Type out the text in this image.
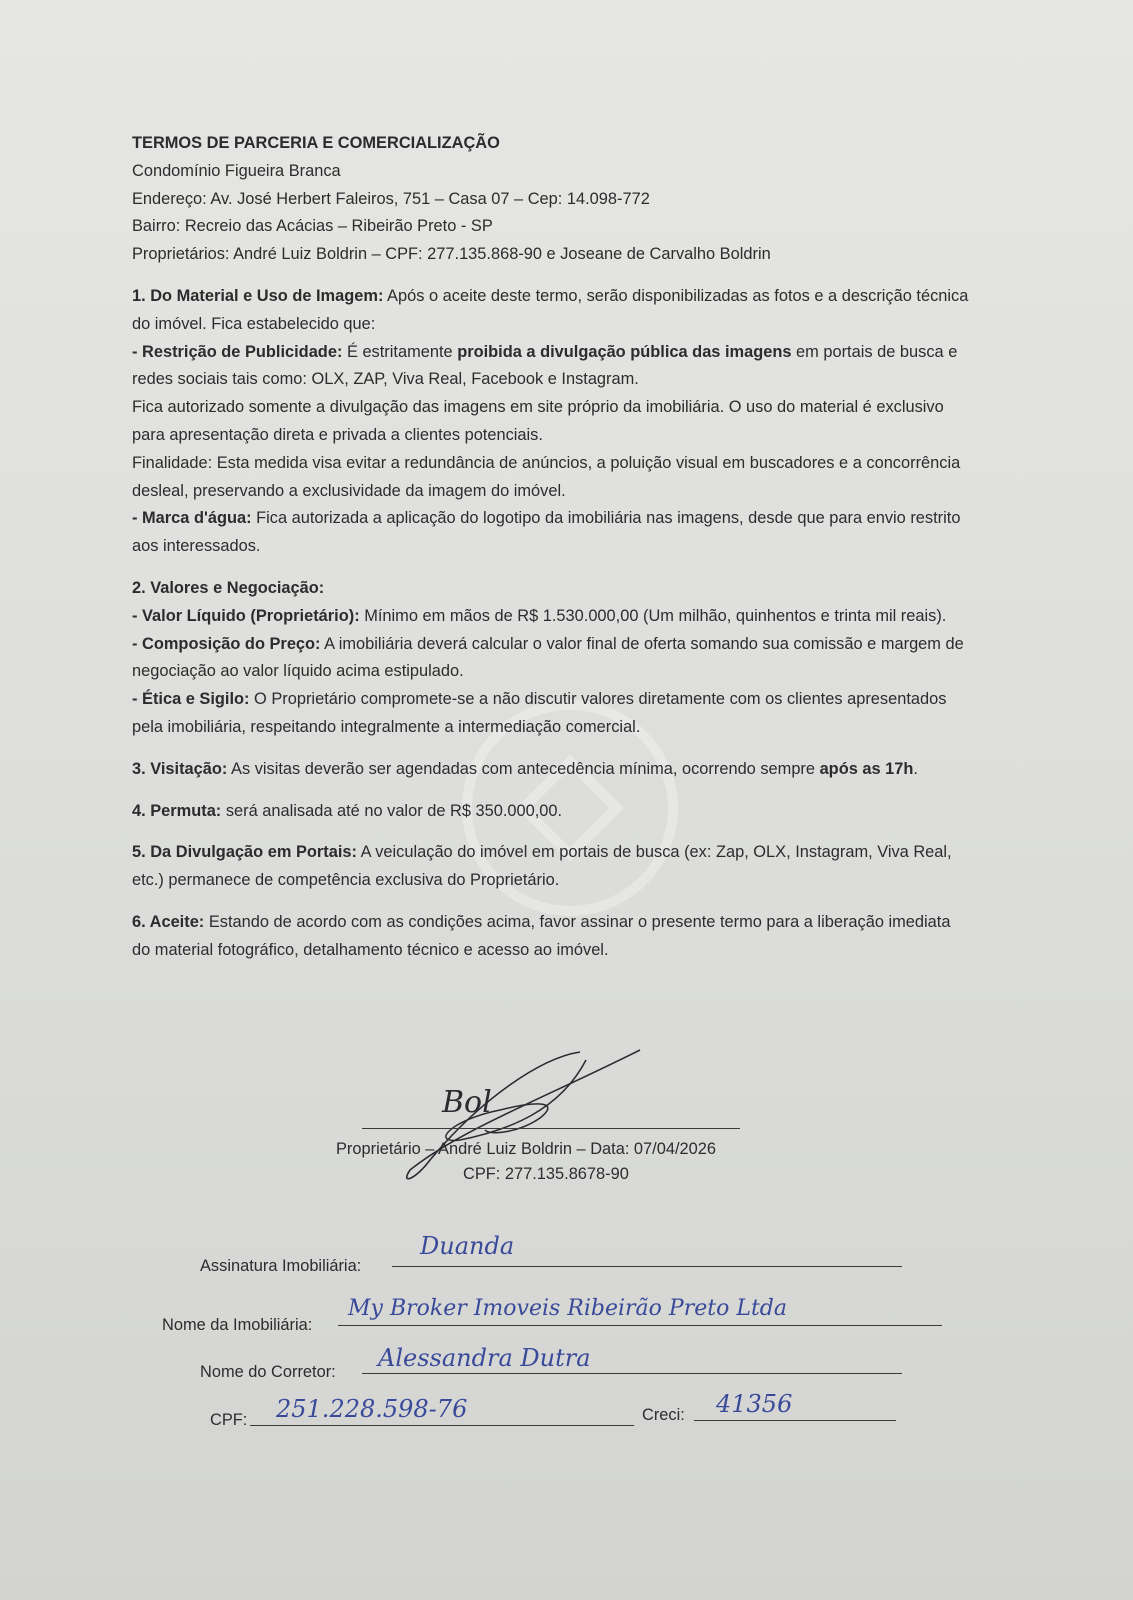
TERMOS DE PARCERIA E COMERCIALIZAÇÃO

Condomínio Figueira Branca

Endereço: Av. José Herbert Faleiros, 751 – Casa 07 – Cep: 14.098-772

Bairro: Recreio das Acácias – Ribeirão Preto - SP

Proprietários: André Luiz Boldrin – CPF: 277.135.868-90 e Joseane de Carvalho Boldrin

1. Do Material e Uso de Imagem: Após o aceite deste termo, serão disponibilizadas as fotos e a descrição técnica do imóvel. Fica estabelecido que:

- Restrição de Publicidade: É estritamente proibida a divulgação pública das imagens em portais de busca e redes sociais tais como: OLX, ZAP, Viva Real, Facebook e Instagram.

Fica autorizado somente a divulgação das imagens em site próprio da imobiliária. O uso do material é exclusivo para apresentação direta e privada a clientes potenciais.

Finalidade: Esta medida visa evitar a redundância de anúncios, a poluição visual em buscadores e a concorrência desleal, preservando a exclusividade da imagem do imóvel.

- Marca d'água: Fica autorizada a aplicação do logotipo da imobiliária nas imagens, desde que para envio restrito aos interessados.

2. Valores e Negociação:

- Valor Líquido (Proprietário): Mínimo em mãos de R$ 1.530.000,00 (Um milhão, quinhentos e trinta mil reais).

- Composição do Preço: A imobiliária deverá calcular o valor final de oferta somando sua comissão e margem de negociação ao valor líquido acima estipulado.

- Ética e Sigilo: O Proprietário compromete-se a não discutir valores diretamente com os clientes apresentados pela imobiliária, respeitando integralmente a intermediação comercial.

3. Visitação: As visitas deverão ser agendadas com antecedência mínima, ocorrendo sempre após as 17h.

4. Permuta: será analisada até no valor de R$ 350.000,00.

5. Da Divulgação em Portais: A veiculação do imóvel em portais de busca (ex: Zap, OLX, Instagram, Viva Real, etc.) permanece de competência exclusiva do Proprietário.

6. Aceite: Estando de acordo com as condições acima, favor assinar o presente termo para a liberação imediata do material fotográfico, detalhamento técnico e acesso ao imóvel.

Bol
Proprietário – André Luiz Boldrin – Data: 07/04/2026
CPF: 277.135.8678-90
Assinatura Imobiliária:
Duanda
Nome da Imobiliária:
My Broker Imoveis Ribeirão Preto Ltda
Nome do Corretor: Alessandra Dutra
CPF: 251.228.598-76	Creci: 41356
